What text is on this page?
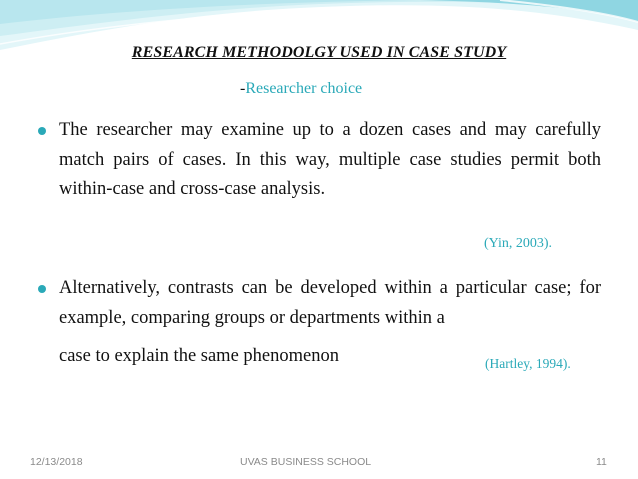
RESEARCH METHODOLGY USED IN CASE STUDY
-Researcher choice
The researcher may examine up to a dozen cases and may carefully match pairs of cases. In this way, multiple case studies permit both within-case and cross-case analysis.
(Yin, 2003).
Alternatively, contrasts can be developed within a particular case; for example, comparing groups or departments within a
case to explain the same phenomenon	(Hartley, 1994).
12/13/2018	UVAS BUSINESS SCHOOL	11
